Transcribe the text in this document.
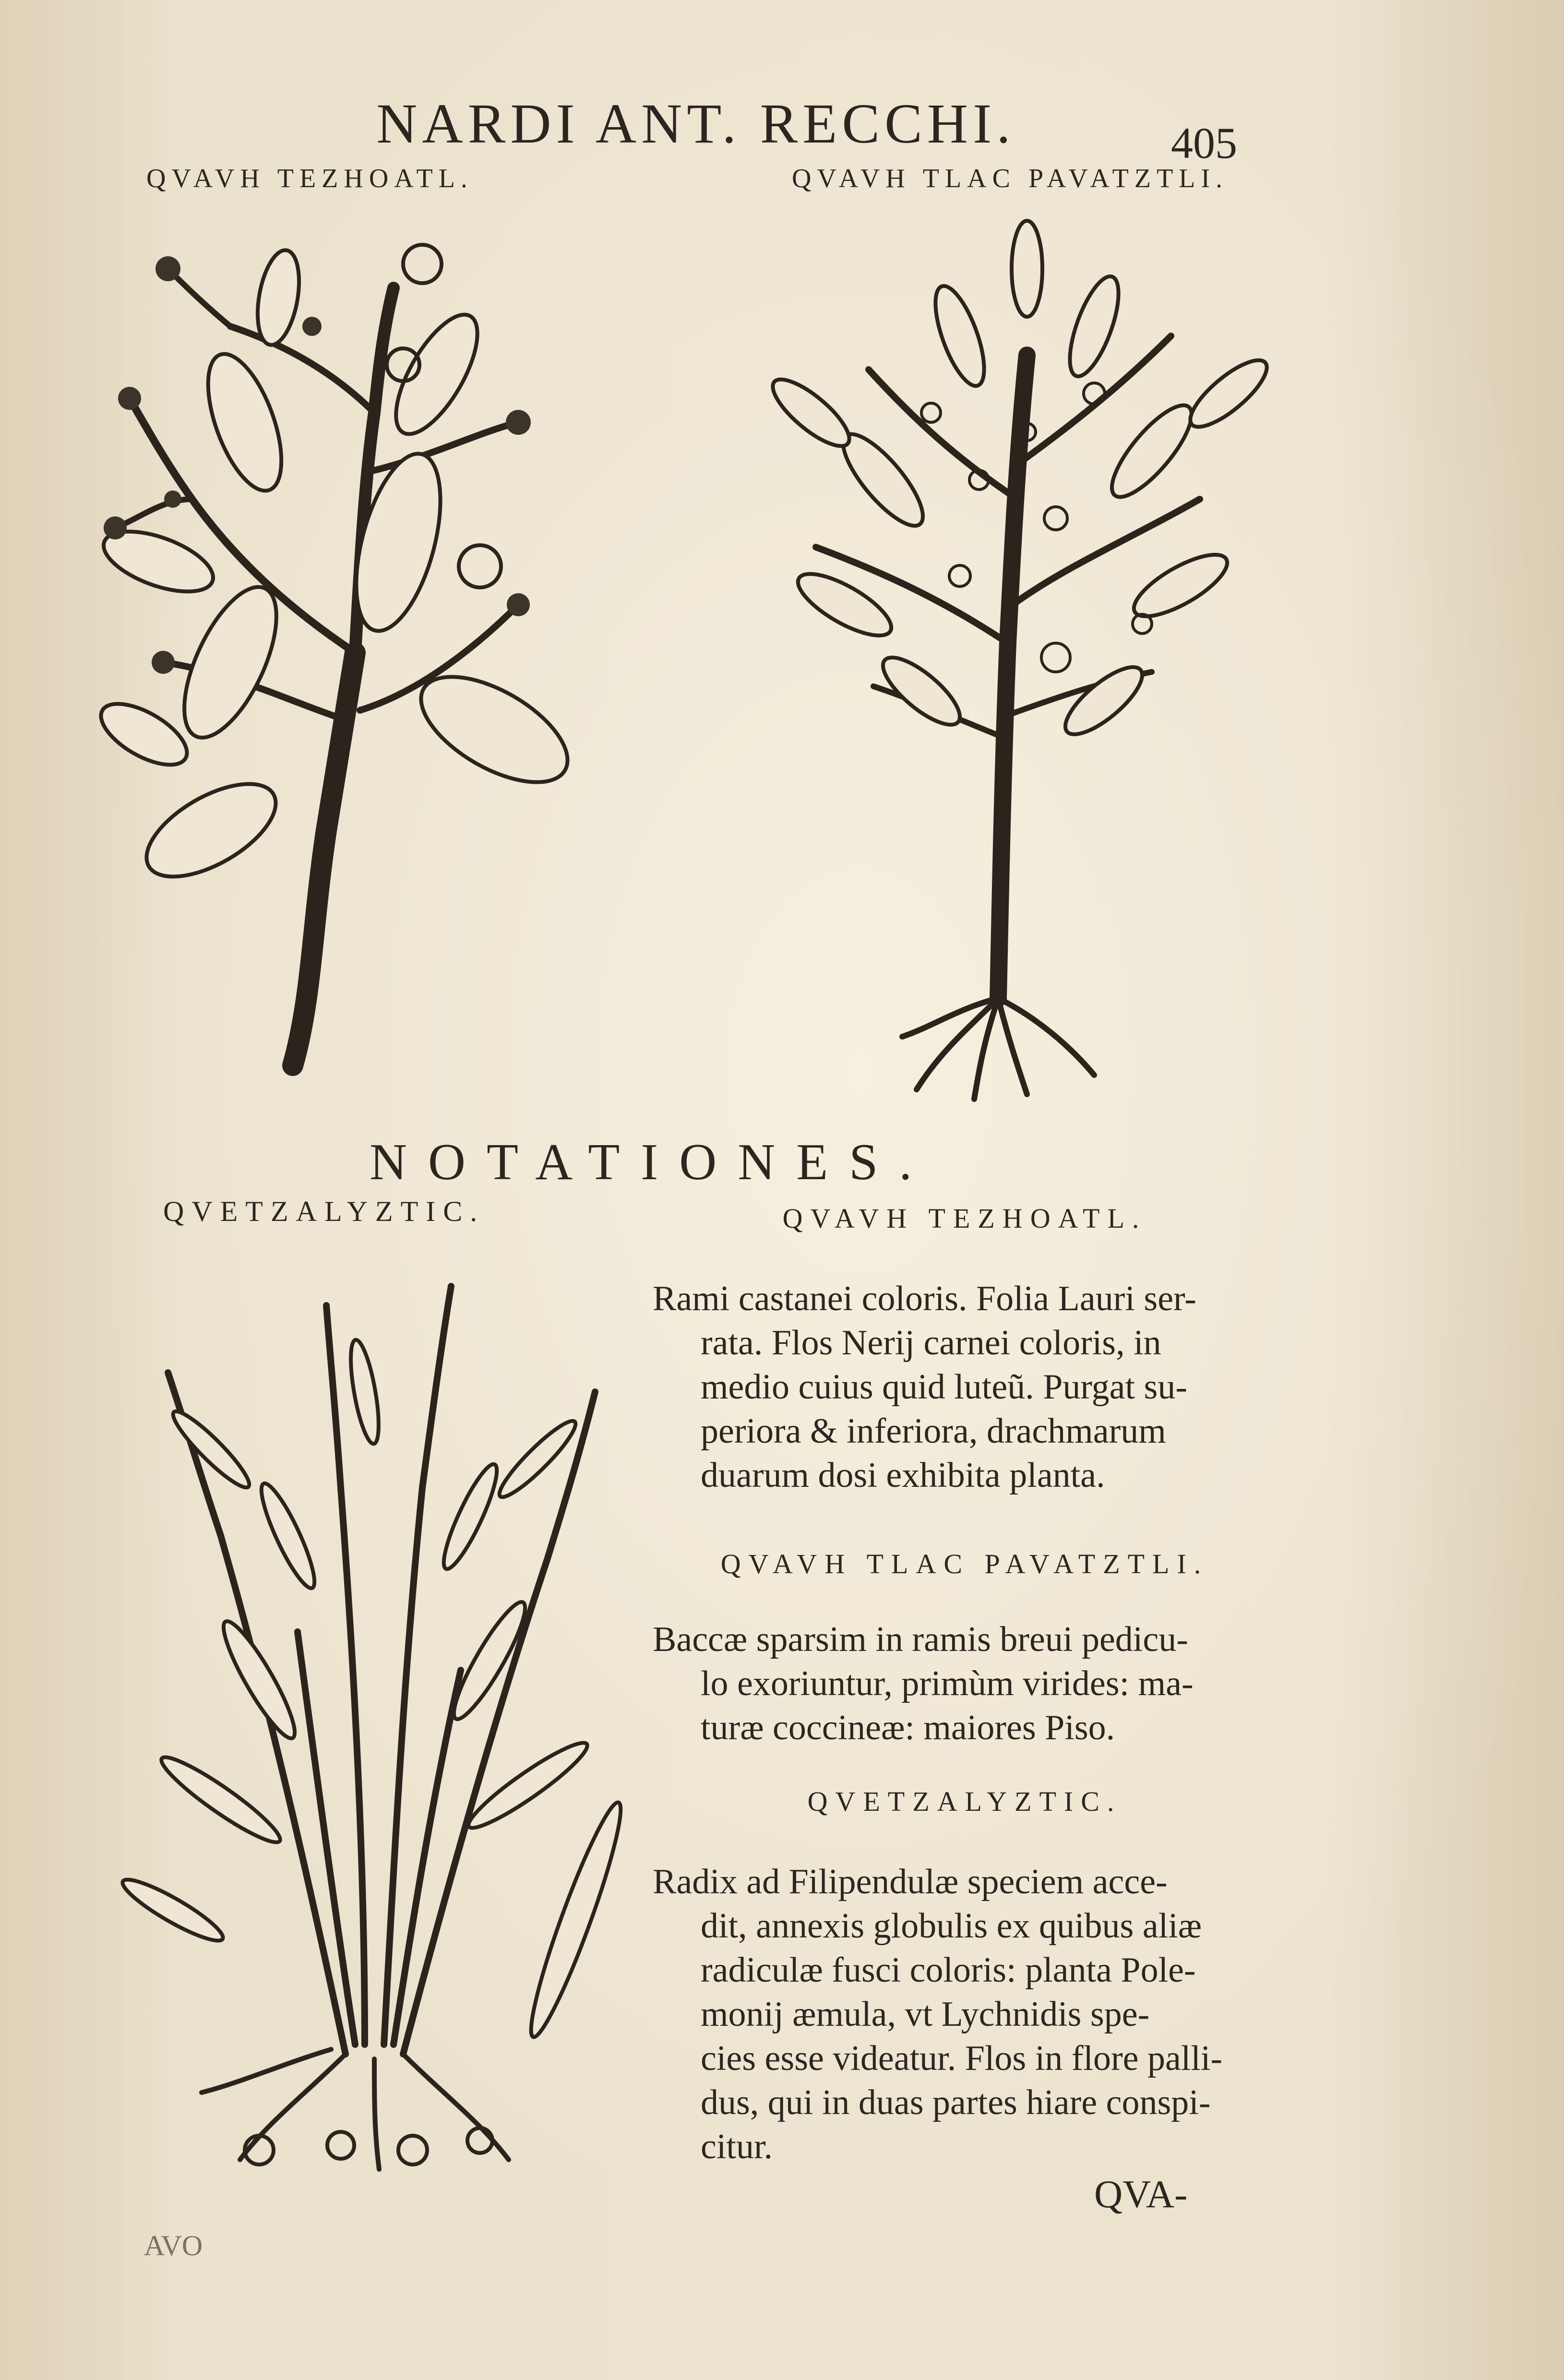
NARDI ANT. RECCHI.	405
QVAVH TEZHOATL.	QVAVH TLAC PAVATZTLI.
NOTATIONES.
QVETZALYZTIC.	QVAVH TEZHOATL.
Rami castanei coloris. Folia Lauri ser-
rata. Flos Nerij carnei coloris, in
medio cuius quid luteũ. Purgat su-
periora & inferiora, drachmarum
duarum dosi exhibita planta.
QVAVH TLAC PAVATZTLI.
Baccæ sparsim in ramis breui pedicu-
lo exoriuntur, primùm virides: ma-
turæ coccineæ: maiores Piso.
QVETZALYZTIC.
Radix ad Filipendulæ speciem acce-
dit, annexis globulis ex quibus aliæ
radiculæ fusci coloris: planta Pole-
monij æmula, vt Lychnidis spe-
cies esse videatur. Flos in flore palli-
dus, qui in duas partes hiare conspi-
citur.
QVA-
AVO
